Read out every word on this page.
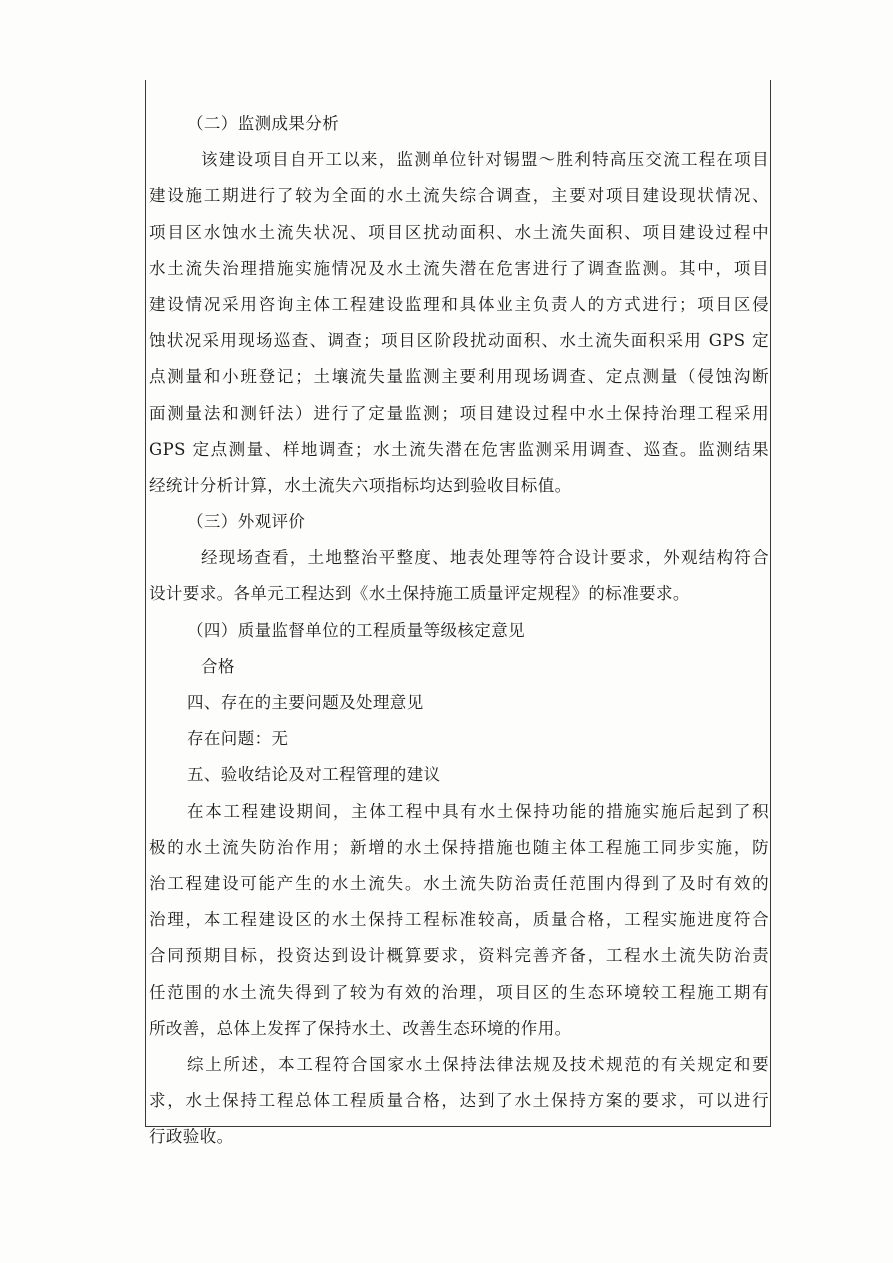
（二）监测成果分析
该建设项目自开工以来，监测单位针对锡盟～胜利特高压交流工程在项目
建设施工期进行了较为全面的水土流失综合调查，主要对项目建设现状情况、
项目区水蚀水土流失状况、项目区扰动面积、水土流失面积、项目建设过程中
水土流失治理措施实施情况及水土流失潜在危害进行了调查监测。其中，项目
建设情况采用咨询主体工程建设监理和具体业主负责人的方式进行；项目区侵
蚀状况采用现场巡查、调查；项目区阶段扰动面积、水土流失面积采用 GPS 定
点测量和小班登记；土壤流失量监测主要利用现场调查、定点测量（侵蚀沟断
面测量法和测钎法）进行了定量监测；项目建设过程中水土保持治理工程采用
GPS 定点测量、样地调查；水土流失潜在危害监测采用调查、巡查。监测结果
经统计分析计算，水土流失六项指标均达到验收目标值。
（三）外观评价
经现场查看，土地整治平整度、地表处理等符合设计要求，外观结构符合
设计要求。各单元工程达到《水土保持施工质量评定规程》的标准要求。
（四）质量监督单位的工程质量等级核定意见
合格
四、存在的主要问题及处理意见
存在问题：无
五、验收结论及对工程管理的建议
在本工程建设期间，主体工程中具有水土保持功能的措施实施后起到了积
极的水土流失防治作用；新增的水土保持措施也随主体工程施工同步实施，防
治工程建设可能产生的水土流失。水土流失防治责任范围内得到了及时有效的
治理，本工程建设区的水土保持工程标准较高，质量合格，工程实施进度符合
合同预期目标，投资达到设计概算要求，资料完善齐备，工程水土流失防治责
任范围的水土流失得到了较为有效的治理，项目区的生态环境较工程施工期有
所改善，总体上发挥了保持水土、改善生态环境的作用。
综上所述，本工程符合国家水土保持法律法规及技术规范的有关规定和要
求，水土保持工程总体工程质量合格，达到了水土保持方案的要求，可以进行
行政验收。
